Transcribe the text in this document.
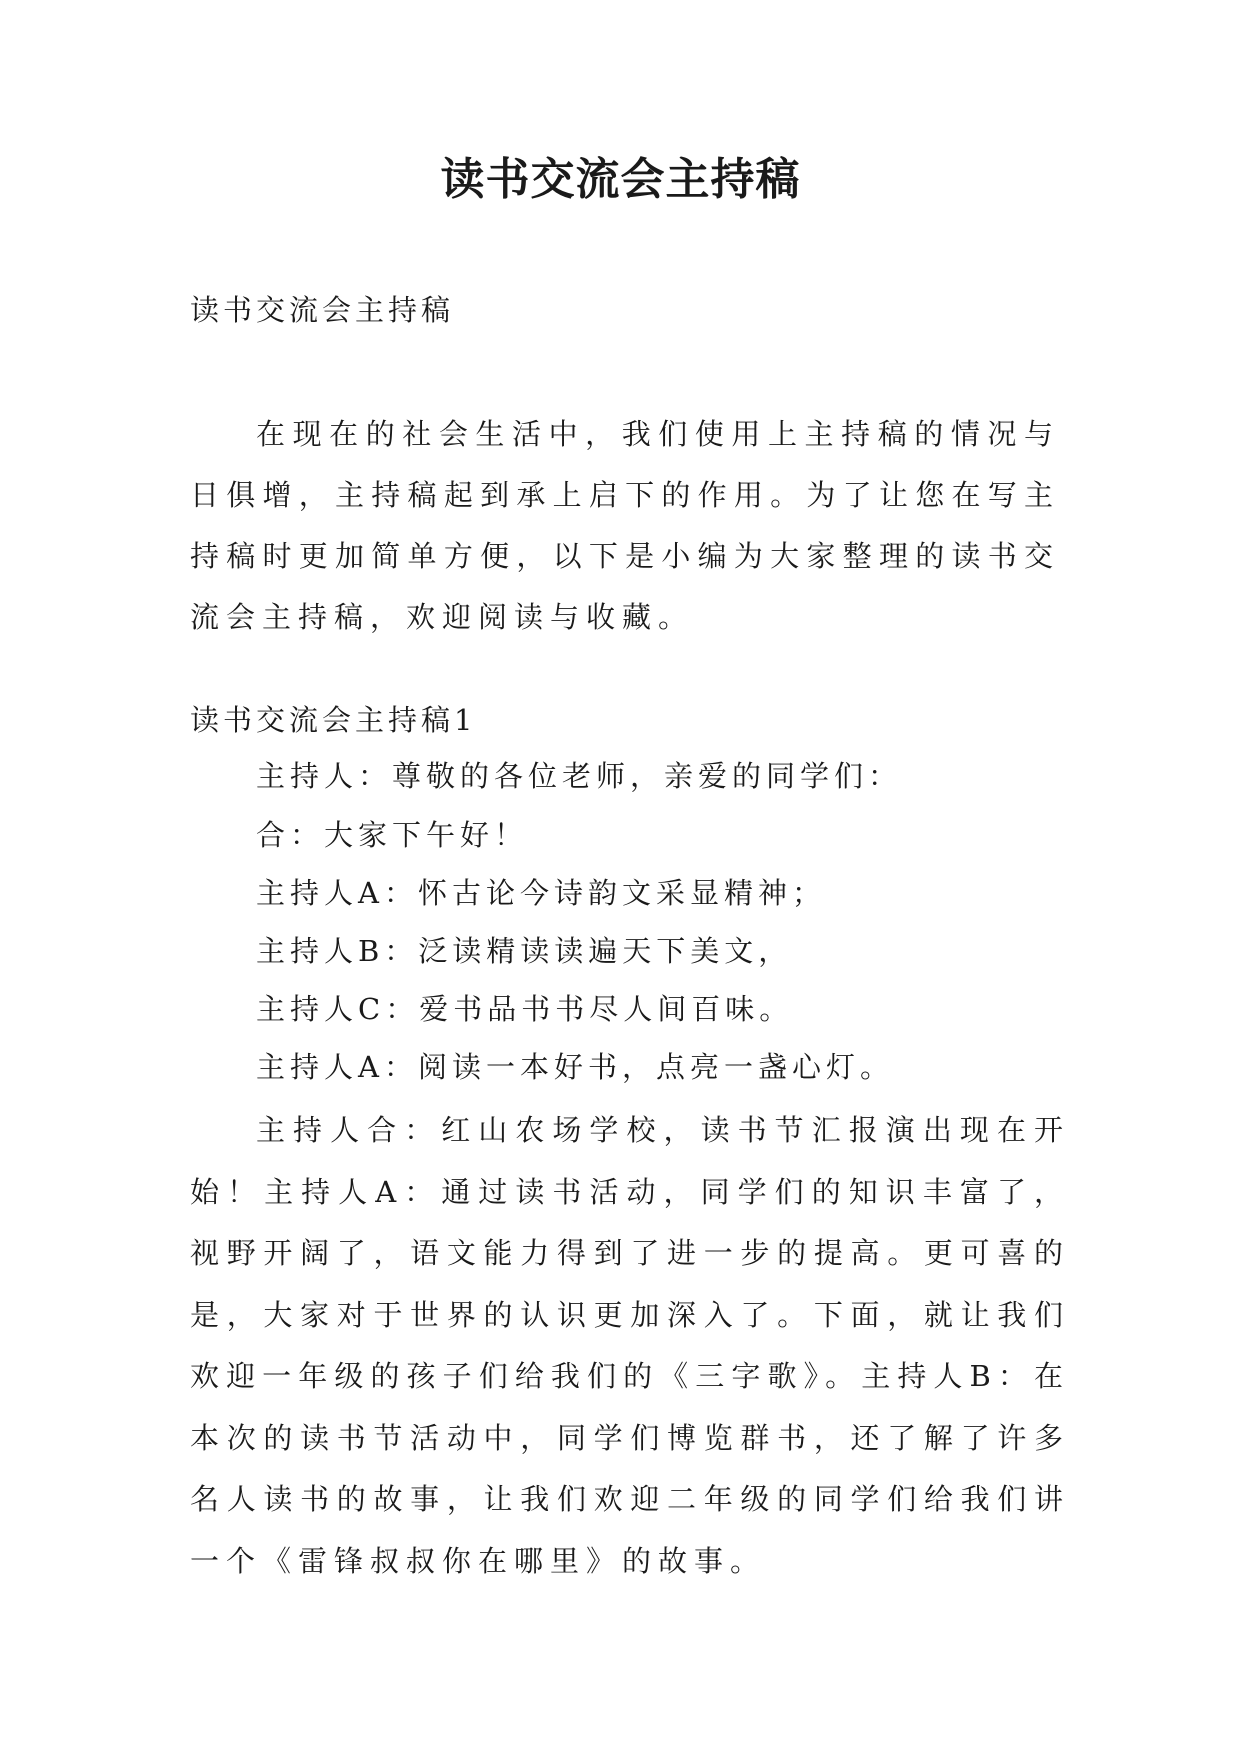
读书交流会主持稿
读书交流会主持稿

在现在的社会生活中，我们使用上主持稿的情况与日俱增，主持稿起到承上启下的作用。为了让您在写主持稿时更加简单方便，以下是小编为大家整理的读书交流会主持稿，欢迎阅读与收藏。

读书交流会主持稿1
主持人：尊敬的各位老师，亲爱的同学们：
合：大家下午好！
主持人A：怀古论今诗韵文采显精神；
主持人B：泛读精读读遍天下美文，
主持人C：爱书品书书尽人间百味。
主持人A：阅读一本好书，点亮一盏心灯。

主持人合：红山农场学校，读书节汇报演出现在开始！主持人A：通过读书活动，同学们的知识丰富了，视野开阔了，语文能力得到了进一步的提高。更可喜的是，大家对于世界的认识更加深入了。下面，就让我们欢迎一年级的孩子们给我们的《三字歌》。主持人B：在本次的读书节活动中，同学们博览群书，还了解了许多名人读书的故事，让我们欢迎二年级的同学们给我们讲一个《雷锋叔叔你在哪里》的故事。
